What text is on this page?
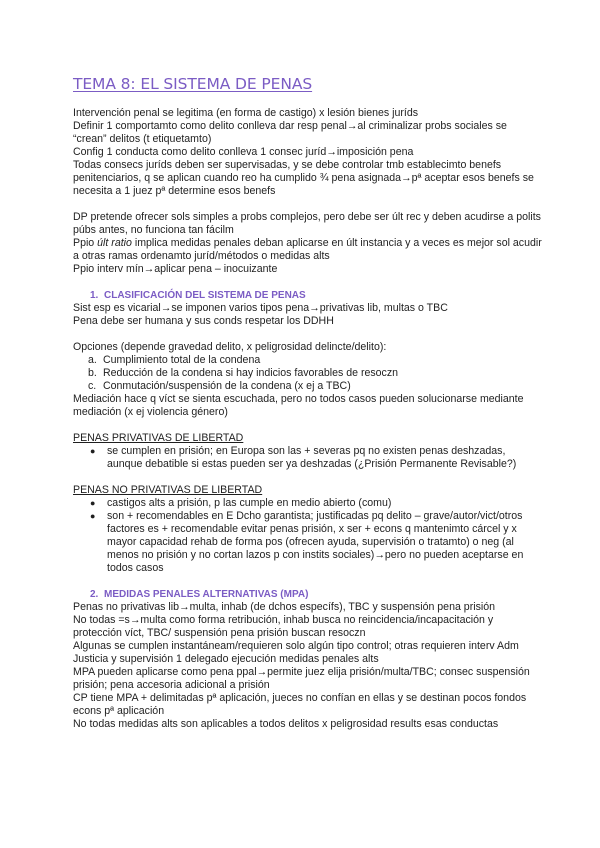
TEMA 8: EL SISTEMA DE PENAS

Intervención penal se legitima (en forma de castigo) x lesión bienes juríds

Definir 1 comportamto como delito conlleva dar resp penal→al criminalizar probs sociales se “crean” delitos (t etiquetamto)

Config 1 conducta como delito conlleva 1 consec juríd→imposición pena

Todas consecs juríds deben ser supervisadas, y se debe controlar tmb establecimto benefs penitenciarios, q se aplican cuando reo ha cumplido ¾ pena asignada→pª aceptar esos benefs se necesita a 1 juez pª determine esos benefs

DP pretende ofrecer sols simples a probs complejos, pero debe ser últ rec y deben acudirse a polits púbs antes, no funciona tan fácilm

Ppio últ ratio implica medidas penales deban aplicarse en últ instancia y a veces es mejor sol acudir a otras ramas ordenamto juríd/métodos o medidas alts

Ppio interv mín→aplicar pena – inocuizante

1. CLASIFICACIÓN DEL SISTEMA DE PENAS

Sist esp es vicarial→se imponen varios tipos pena→privativas lib, multas o TBC

Pena debe ser humana y sus conds respetar los DDHH

Opciones (depende gravedad delito, x peligrosidad delincte/delito):

a. Cumplimiento total de la condena
b. Reducción de la condena si hay indicios favorables de resoczn
c. Conmutación/suspensión de la condena (x ej a TBC)

Mediación hace q víct se sienta escuchada, pero no todos casos pueden solucionarse mediante mediación (x ej violencia género)

PENAS PRIVATIVAS DE LIBERTAD

●	se cumplen en prisión; en Europa son las + severas pq no existen penas deshzadas, aunque debatible si estas pueden ser ya deshzadas (¿Prisión Permanente Revisable?)

PENAS NO PRIVATIVAS DE LIBERTAD

●	castigos alts a prisión, p las cumple en medio abierto (comu)
●	son + recomendables en E Dcho garantista; justificadas pq delito – grave/autor/vict/otros factores es + recomendable evitar penas prisión, x ser + econs q mantenimto cárcel y x mayor capacidad rehab de forma pos (ofrecen ayuda, supervisión o tratamto) o neg (al menos no prisión y no cortan lazos p con instits sociales)→pero no pueden aceptarse en todos casos
2. MEDIDAS PENALES ALTERNATIVAS (MPA)

Penas no privativas lib→multa, inhab (de dchos específs), TBC y suspensión pena prisión

No todas =s→multa como forma retribución, inhab busca no reincidencia/incapacitación y protección víct, TBC/ suspensión pena prisión buscan resoczn

Algunas se cumplen instantáneam/requieren solo algún tipo control; otras requieren interv Adm Justicia y supervisión 1 delegado ejecución medidas penales alts

MPA pueden aplicarse como pena ppal→permite juez elija prisión/multa/TBC; consec suspensión prisión; pena accesoria adicional a prisión

CP tiene MPA + delimitadas pª aplicación, jueces no confían en ellas y se destinan pocos fondos econs pª aplicación

No todas medidas alts son aplicables a todos delitos x peligrosidad results esas conductas
